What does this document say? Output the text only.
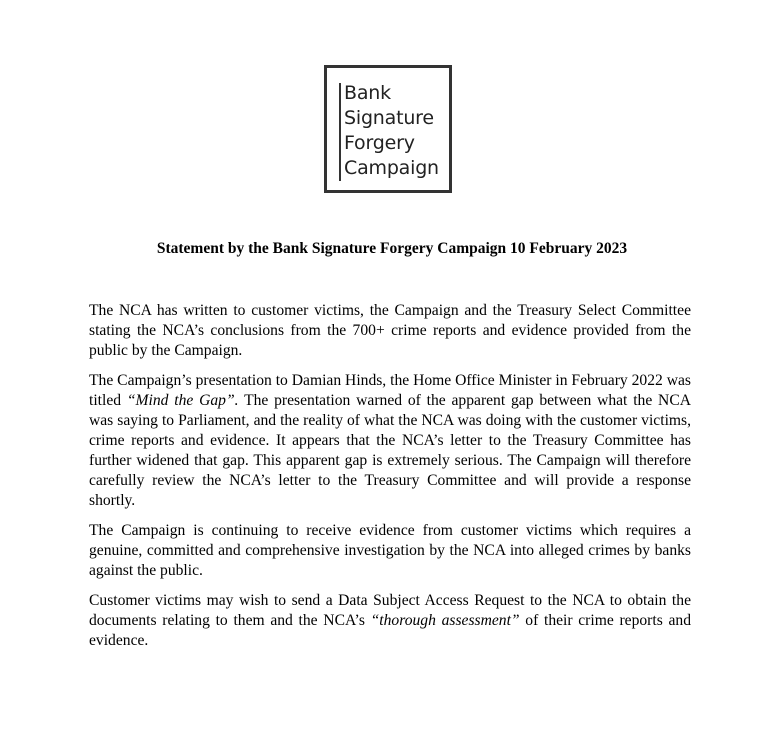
Bank
Signature
Forgery
Campaign
Statement by the Bank Signature Forgery Campaign 10 February 2023

The NCA has written to customer victims, the Campaign and the Treasury Select Committee stating the NCA’s conclusions from the 700+ crime reports and evidence provided from the public by the Campaign.

The Campaign’s presentation to Damian Hinds, the Home Office Minister in February 2022 was titled “Mind the Gap”. The presentation warned of the apparent gap between what the NCA was saying to Parliament, and the reality of what the NCA was doing with the customer victims, crime reports and evidence. It appears that the NCA’s letter to the Treasury Committee has further widened that gap. This apparent gap is extremely serious. The Campaign will therefore carefully review the NCA’s letter to the Treasury Committee and will provide a response shortly.

The Campaign is continuing to receive evidence from customer victims which requires a genuine, committed and comprehensive investigation by the NCA into alleged crimes by banks against the public.

Customer victims may wish to send a Data Subject Access Request to the NCA to obtain the documents relating to them and the NCA’s “thorough assessment” of their crime reports and evidence.
